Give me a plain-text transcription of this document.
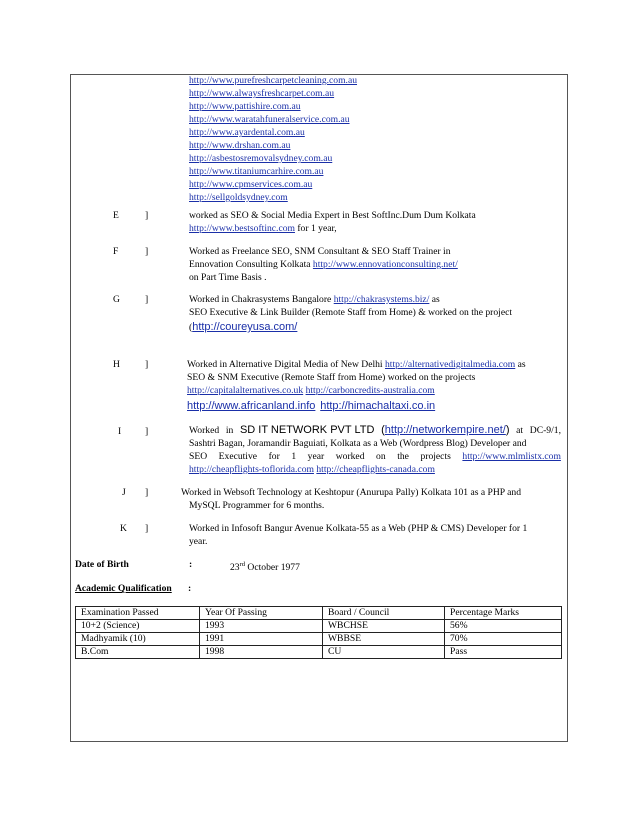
http://www.purefreshcarpetcleaning.com.au
http://www.alwaysfreshcarpet.com.au
http://www.pattishire.com.au
http://www.waratahfuneralservice.com.au
http://www.ayardental.com.au
http://www.drshan.com.au
http://asbestosremovalsydney.com.au
http://www.titaniumcarhire.com.au
http://www.cpmservices.com.au
http://sellgoldsydney.com
E	]	worked as SEO & Social Media Expert in Best SoftInc.Dum Dum Kolkata
http://www.bestsoftinc.com for 1 year,
F	]	Worked as Freelance SEO, SNM Consultant & SEO Staff Trainer in
Ennovation Consulting Kolkata http://www.ennovationconsulting.net/
on Part Time Basis .
G	]	Worked in Chakrasystems Bangalore http://chakrasystems.biz/ as
SEO Executive & Link Builder (Remote Staff from Home) & worked on the project
(http://coureyusa.com/
H	]	Worked in Alternative Digital Media of New Delhi http://alternativedigitalmedia.com as
SEO & SNM Executive (Remote Staff from Home) worked on the projects
http://capitalalternatives.co.uk http://carboncredits-australia.com
http://www.africanland.info http://himachaltaxi.co.in
I ]	Worked in SD IT NETWORK PVT LTD (http://networkempire.net/) at DC-9/1,
Sashtri Bagan, Joramandir Baguiati, Kolkata as a Web (Wordpress Blog) Developer and
SEO Executive for 1 year worked on the projects http://www.mlmlistx.com
http://cheapflights-toflorida.com http://cheapflights-canada.com
J ]	Worked in Websoft Technology at Keshtopur (Anurupa Pally) Kolkata 101 as a PHP and
MySQL Programmer for 6 months.
K ]	Worked in Infosoft Bangur Avenue Kolkata-55 as a Web (PHP & CMS) Developer for 1
year.
Date of Birth	:	23rd October 1977
Academic Qualification :
Examination Passed	Year Of Passing	Board / Council	Percentage Marks
10+2 (Science)	1993	WBCHSE	56%
Madhyamik (10)	1991	WBBSE	70%
B.Com	1998	CU	Pass
